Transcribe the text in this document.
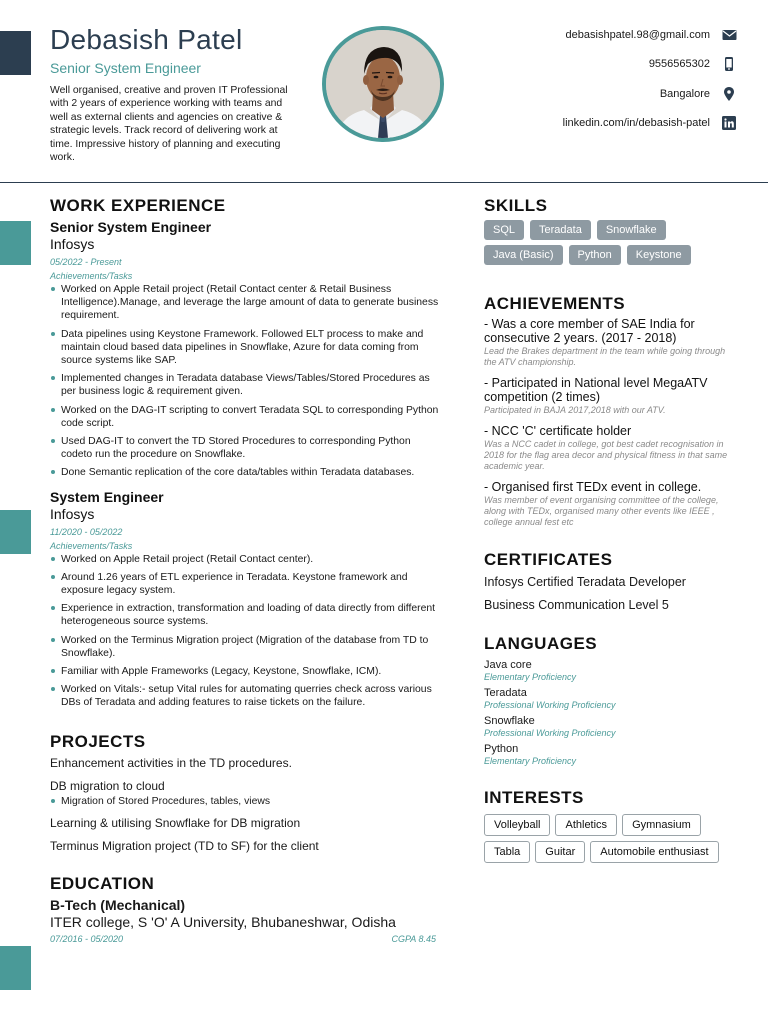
Debasish Patel
Senior System Engineer
Well organised, creative and proven IT Professional with 2 years of experience working with teams and well as external clients and agencies on creative & strategic levels. Track record of delivering work at time. Impressive history of planning and executing work.
debasishpatel.98@gmail.com
9556565302
Bangalore
linkedin.com/in/debasish-patel
WORK EXPERIENCE
Senior System Engineer
Infosys
05/2022 - Present
Achievements/Tasks
Worked on Apple Retail project (Retail Contact center & Retail Business Intelligence).Manage, and leverage the large amount of data to generate business requirement.
Data pipelines using Keystone Framework. Followed ELT process to make and maintain cloud based data pipelines in Snowflake, Azure for data coming from source systems like SAP.
Implemented changes in Teradata database Views/Tables/Stored Procedures as per business logic & requirement given.
Worked on the DAG-IT scripting to convert Teradata SQL to corresponding Python code script.
Used DAG-IT to convert the TD Stored Procedures to corresponding Python codeto run the procedure on Snowflake.
Done Semantic replication of the core data/tables within Teradata databases.
System Engineer
Infosys
11/2020 - 05/2022
Achievements/Tasks
Worked on Apple Retail project (Retail Contact center).
Around 1.26 years of ETL experience in Teradata. Keystone framework and exposure legacy system.
Experience in extraction, transformation and loading of data directly from different heterogeneous source systems.
Worked on the Terminus Migration project (Migration of the database from TD to Snowflake).
Familiar with Apple Frameworks (Legacy, Keystone, Snowflake, ICM).
Worked on Vitals:- setup Vital rules for automating querries check across various DBs of Teradata and adding features to raise tickets on the failure.
PROJECTS
Enhancement activities in the TD procedures.
DB migration to cloud
Migration of Stored Procedures, tables, views
Learning & utilising Snowflake for DB migration
Terminus Migration project (TD to SF) for the client
EDUCATION
B-Tech (Mechanical)
ITER college, S 'O' A University, Bhubaneshwar, Odisha
07/2016 - 05/2020	CGPA 8.45
SKILLS
SQL	Teradata	Snowflake
Java (Basic)	Python	Keystone
ACHIEVEMENTS
- Was a core member of SAE India for consecutive 2 years. (2017 - 2018)
Lead the Brakes department in the team while going through the ATV championship.
- Participated in National level MegaATV competition (2 times)
Participated in BAJA 2017,2018 with our ATV.
- NCC 'C' certificate holder
Was a NCC cadet in college, got best cadet recognisation in 2018 for the flag area decor and physical fitness in that same academic year.
- Organised first TEDx event in college.
Was member of event organising committee of the college, along with TEDx, organised many other events like IEEE , college annual fest etc
CERTIFICATES
Infosys Certified Teradata Developer
Business Communication Level 5
LANGUAGES
Java core
Elementary Proficiency
Teradata
Professional Working Proficiency
Snowflake
Professional Working Proficiency
Python
Elementary Proficiency
INTERESTS
Volleyball	Athletics	Gymnasium
Tabla	Guitar	Automobile enthusiast
